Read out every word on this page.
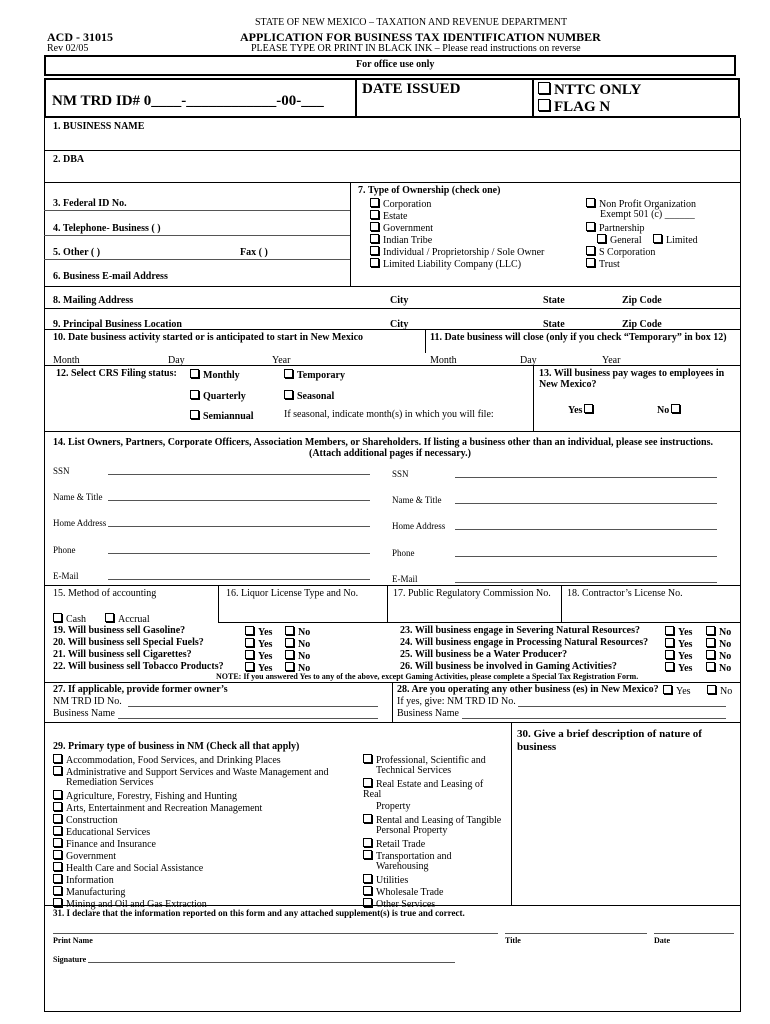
STATE OF NEW MEXICO – TAXATION AND REVENUE DEPARTMENT
ACD - 31015	APPLICATION FOR BUSINESS TAX IDENTIFICATION NUMBER
Rev 02/05	PLEASE TYPE OR PRINT IN BLACK INK – Please read instructions on reverse
For office use only
NM TRD ID# 0____-____________-00-___
DATE ISSUED	NTTC ONLY
FLAG N
1. BUSINESS NAME
2. DBA
3. Federal ID No.
4. Telephone- Business ( )
5. Other ( )	Fax ( )
6. Business E-mail Address
7. Type of Ownership (check one)
Corporation
Estate
Government
Indian Tribe
Individual / Proprietorship / Sole Owner
Limited Liability Company (LLC)
Non Profit Organization
Exempt 501 (c) ______
Partnership
General	Limited
S Corporation
Trust
8. Mailing Address	City	State	Zip Code
9. Principal Business Location	City	State	Zip Code
10. Date business activity started or is anticipated to start in New Mexico	11. Date business will close (only if you check “Temporary” in box 12)
Month	Day	Year	Month	Day	Year
12. Select CRS Filing status:	Monthly	Temporary
Quarterly	Seasonal
Semiannual	If seasonal, indicate month(s) in which you will file:
13. Will business pay wages to employees in
New Mexico?
Yes	No
14. List Owners, Partners, Corporate Officers, Association Members, or Shareholders. If listing a business other than an individual, please see instructions.
(Attach additional pages if necessary.)
SSN	SSN
Name & Title	Name & Title
Home Address	Home Address
Phone	Phone
E-Mail	E-Mail
15. Method of accounting
Cash	Accrual
16. Liquor License Type and No.	17. Public Regulatory Commission No. 18. Contractor’s License No.
19. Will business sell Gasoline?	Yes	No
20. Will business sell Special Fuels?	Yes	No
21. Will business sell Cigarettes?	Yes	No
22. Will business sell Tobacco Products?	Yes	No
23. Will business engage in Severing Natural Resources?	Yes	No
24. Will business engage in Processing Natural Resources?	Yes	No
25. Will business be a Water Producer?	Yes	No
26. Will business be involved in Gaming Activities?	Yes	No
NOTE: If you answered Yes to any of the above, except Gaming Activities, please complete a Special Tax Registration Form.
27. If applicable, provide former owner’s
NM TRD ID No.
Business Name
28. Are you operating any other business (es) in New Mexico?	Yes	No
If yes, give: NM TRD ID No.
Business Name
29. Primary type of business in NM (Check all that apply)
Accommodation, Food Services, and Drinking Places
Administrative and Support Services and Waste Management and
Remediation Services
Agriculture, Forestry, Fishing and Hunting
Arts, Entertainment and Recreation Management
Construction
Educational Services
Finance and Insurance
Government
Health Care and Social Assistance
Information
Manufacturing
Mining and Oil and Gas Extraction
Professional, Scientific and
Technical Services
Real Estate and Leasing of
Real
Property
Rental and Leasing of Tangible
Personal Property
Retail Trade
Transportation and
Warehousing
Utilities
Wholesale Trade
Other Services
30. Give a brief description of nature of
business
31. I declare that the information reported on this form and any attached supplement(s) is true and correct.
Print Name	Title	Date
Signature
